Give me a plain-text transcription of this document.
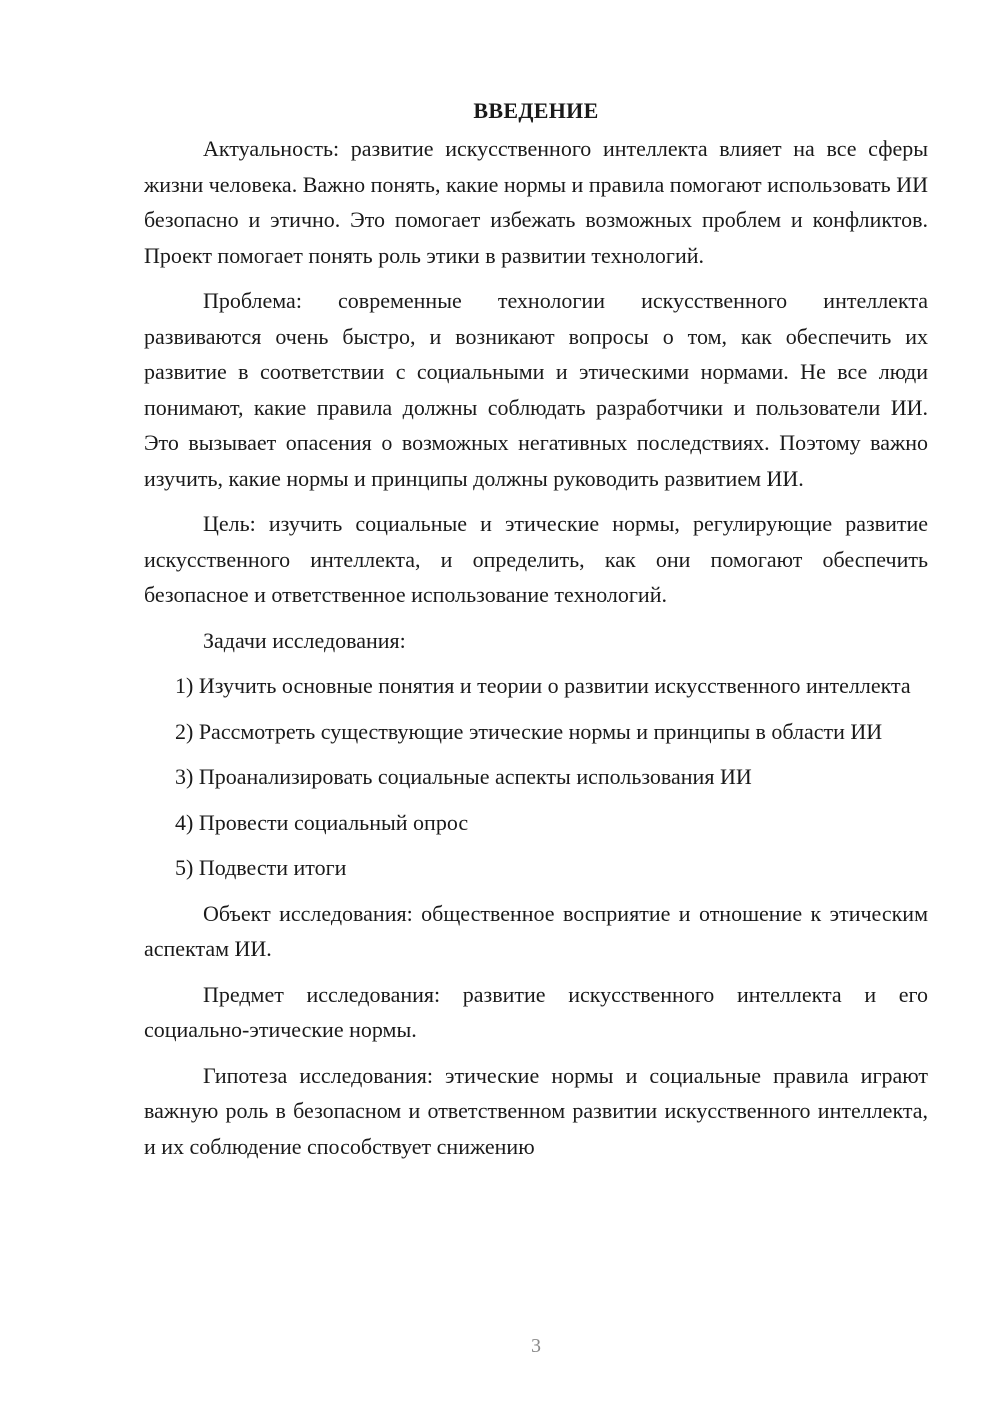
ВВЕДЕНИЕ

Актуальность: развитие искусственного интеллекта влияет на все сферы жизни человека. Важно понять, какие нормы и правила помогают использовать ИИ безопасно и этично. Это помогает избежать возможных проблем и конфликтов. Проект помогает понять роль этики в развитии технологий.

Проблема: современные технологии искусственного интеллекта развиваются очень быстро, и возникают вопросы о том, как обеспечить их развитие в соответствии с социальными и этическими нормами. Не все люди понимают, какие правила должны соблюдать разработчики и пользователи ИИ. Это вызывает опасения о возможных негативных последствиях. Поэтому важно изучить, какие нормы и принципы должны руководить развитием ИИ.

Цель: изучить социальные и этические нормы, регулирующие развитие искусственного интеллекта, и определить, как они помогают обеспечить безопасное и ответственное использование технологий.

Задачи исследования:

1) Изучить основные понятия и теории о развитии искусственного интеллекта

2) Рассмотреть существующие этические нормы и принципы в области ИИ

3) Проанализировать социальные аспекты использования ИИ

4) Провести социальный опрос

5) Подвести итоги

Объект исследования: общественное восприятие и отношение к этическим аспектам ИИ.

Предмет исследования: развитие искусственного интеллекта и его социально-этические нормы.

Гипотеза исследования: этические нормы и социальные правила играют важную роль в безопасном и ответственном развитии искусственного интеллекта, и их соблюдение способствует снижению

3
